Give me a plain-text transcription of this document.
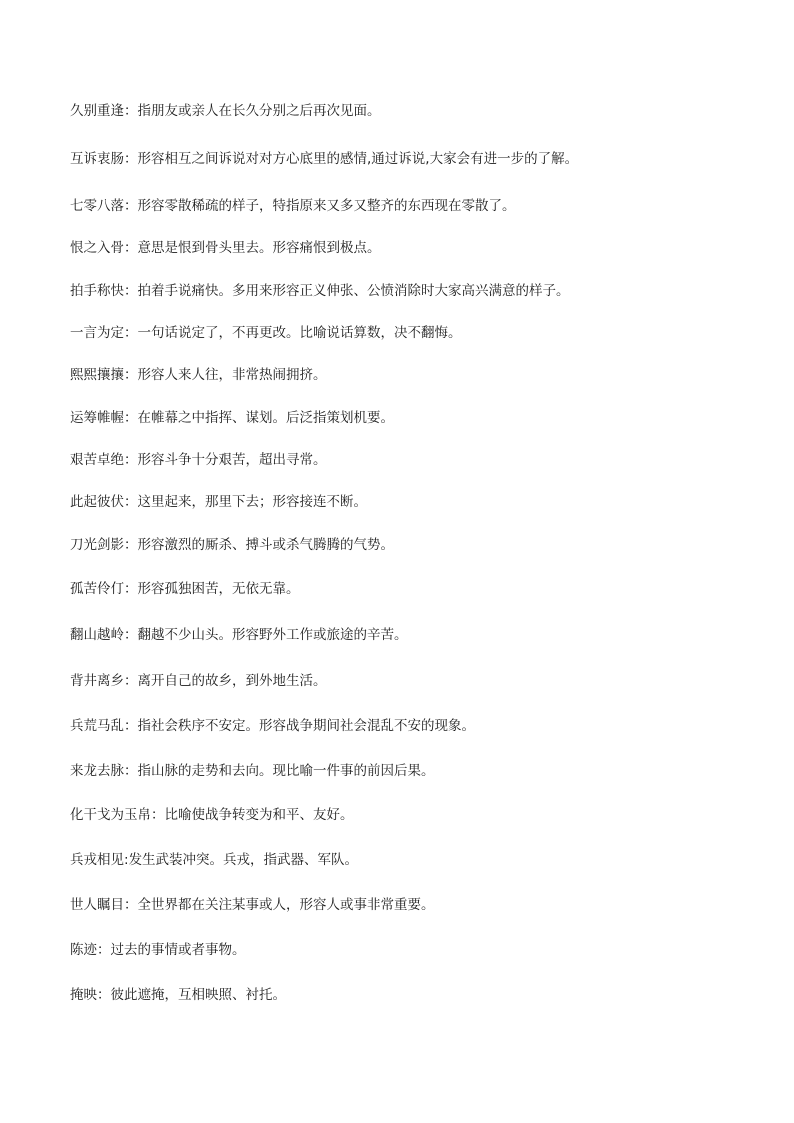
久别重逢：指朋友或亲人在长久分别之后再次见面。
互诉衷肠：形容相互之间诉说对对方心底里的感情,通过诉说,大家会有进一步的了解。
七零八落：形容零散稀疏的样子，特指原来又多又整齐的东西现在零散了。
恨之入骨：意思是恨到骨头里去。形容痛恨到极点。
拍手称快：拍着手说痛快。多用来形容正义伸张、公愤消除时大家高兴满意的样子。
一言为定：一句话说定了，不再更改。比喻说话算数，决不翻悔。
熙熙攘攘：形容人来人往，非常热闹拥挤。
运筹帷幄：在帷幕之中指挥、谋划。后泛指策划机要。
艰苦卓绝：形容斗争十分艰苦，超出寻常。
此起彼伏：这里起来，那里下去；形容接连不断。
刀光剑影：形容激烈的厮杀、搏斗或杀气腾腾的气势。
孤苦伶仃：形容孤独困苦，无依无靠。
翻山越岭：翻越不少山头。形容野外工作或旅途的辛苦。
背井离乡：离开自己的故乡，到外地生活。
兵荒马乱：指社会秩序不安定。形容战争期间社会混乱不安的现象。
来龙去脉：指山脉的走势和去向。现比喻一件事的前因后果。
化干戈为玉帛：比喻使战争转变为和平、友好。
兵戎相见:发生武装冲突。兵戎，指武器、军队。
世人瞩目：全世界都在关注某事或人，形容人或事非常重要。
陈迹：过去的事情或者事物。
掩映：彼此遮掩，互相映照、衬托。
